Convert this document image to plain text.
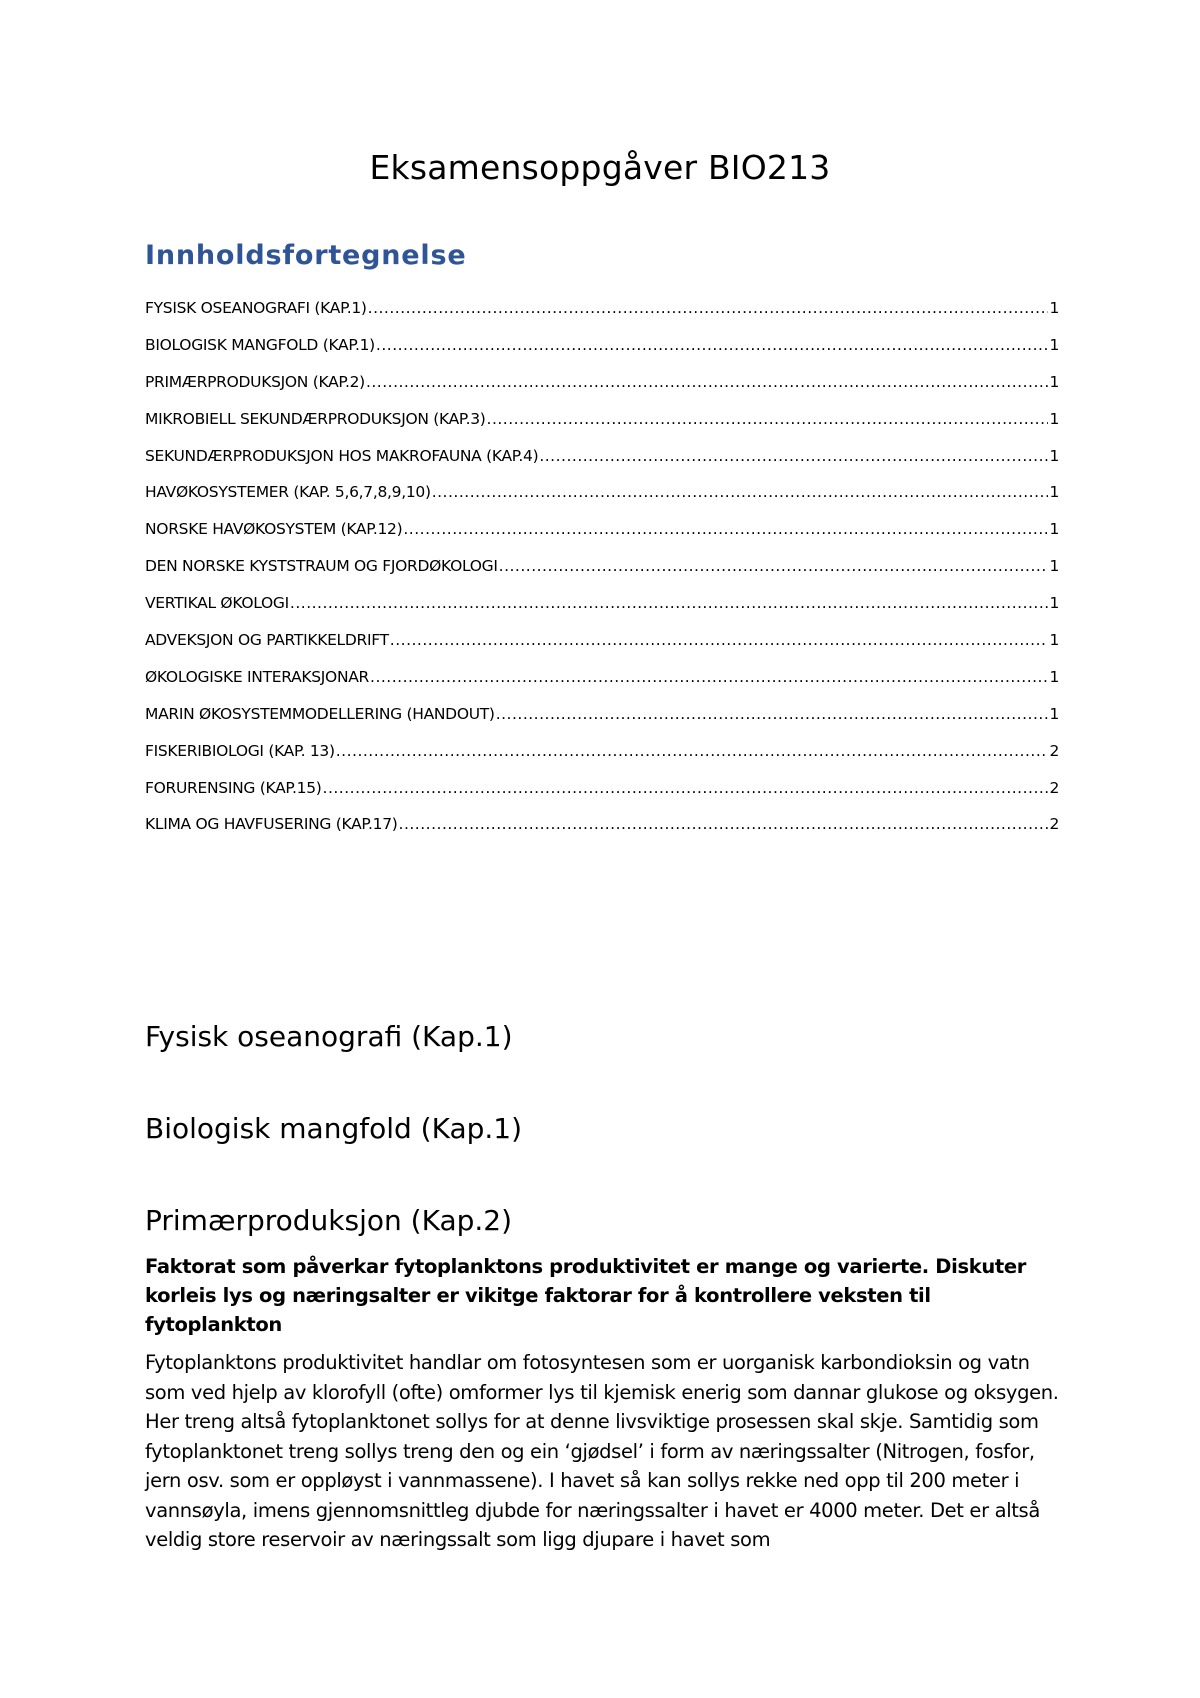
Eksamensoppgåver BIO213
Innholdsfortegnelse
FYSISK OSEANOGRAFI (KAP.1) .....	1
BIOLOGISK MANGFOLD (KAP.1) .....	1
PRIMÆRPRODUKSJON (KAP.2) .....	1
MIKROBIELL SEKUNDÆRPRODUKSJON (KAP.3) .....	1
SEKUNDÆRPRODUKSJON HOS MAKROFAUNA (KAP.4) .....	1
HAVØKOSYSTEMER (KAP. 5,6,7,8,9,10) .....	1
NORSKE HAVØKOSYSTEM (KAP.12) .....	1
DEN NORSKE KYSTSTRAUM OG FJORDØKOLOGI .....	1
VERTIKAL ØKOLOGI .....	1
ADVEKSJON OG PARTIKKELDRIFT .....	1
ØKOLOGISKE INTERAKSJONAR .....	1
MARIN ØKOSYSTEMMODELLERING (HANDOUT) .....	1
FISKERIBIOLOGI (KAP. 13) .....	2
FORURENSING (KAP.15) .....	2
KLIMA OG HAVFUSERING (KAP.17) .....	2
Fysisk oseanografi (Kap.1)
Biologisk mangfold (Kap.1)
Primærproduksjon (Kap.2)

Faktorat som påverkar fytoplanktons produktivitet er mange og varierte. Diskuter korleis lys og næringsalter er vikitge faktorar for å kontrollere veksten til fytoplankton

Fytoplanktons produktivitet handlar om fotosyntesen som er uorganisk karbondioksin og vatn som ved hjelp av klorofyll (ofte) omformer lys til kjemisk enerig som dannar glukose og oksygen. Her treng altså fytoplanktonet sollys for at denne livsviktige prosessen skal skje. Samtidig som fytoplanktonet treng sollys treng den og ein ‘gjødsel’ i form av næringssalter (Nitrogen, fosfor, jern osv. som er oppløyst i vannmassene). I havet så kan sollys rekke ned opp til 200 meter i vannsøyla, imens gjennomsnittleg djubde for næringssalter i havet er 4000 meter. Det er altså veldig store reservoir av næringssalt som ligg djupare i havet som
